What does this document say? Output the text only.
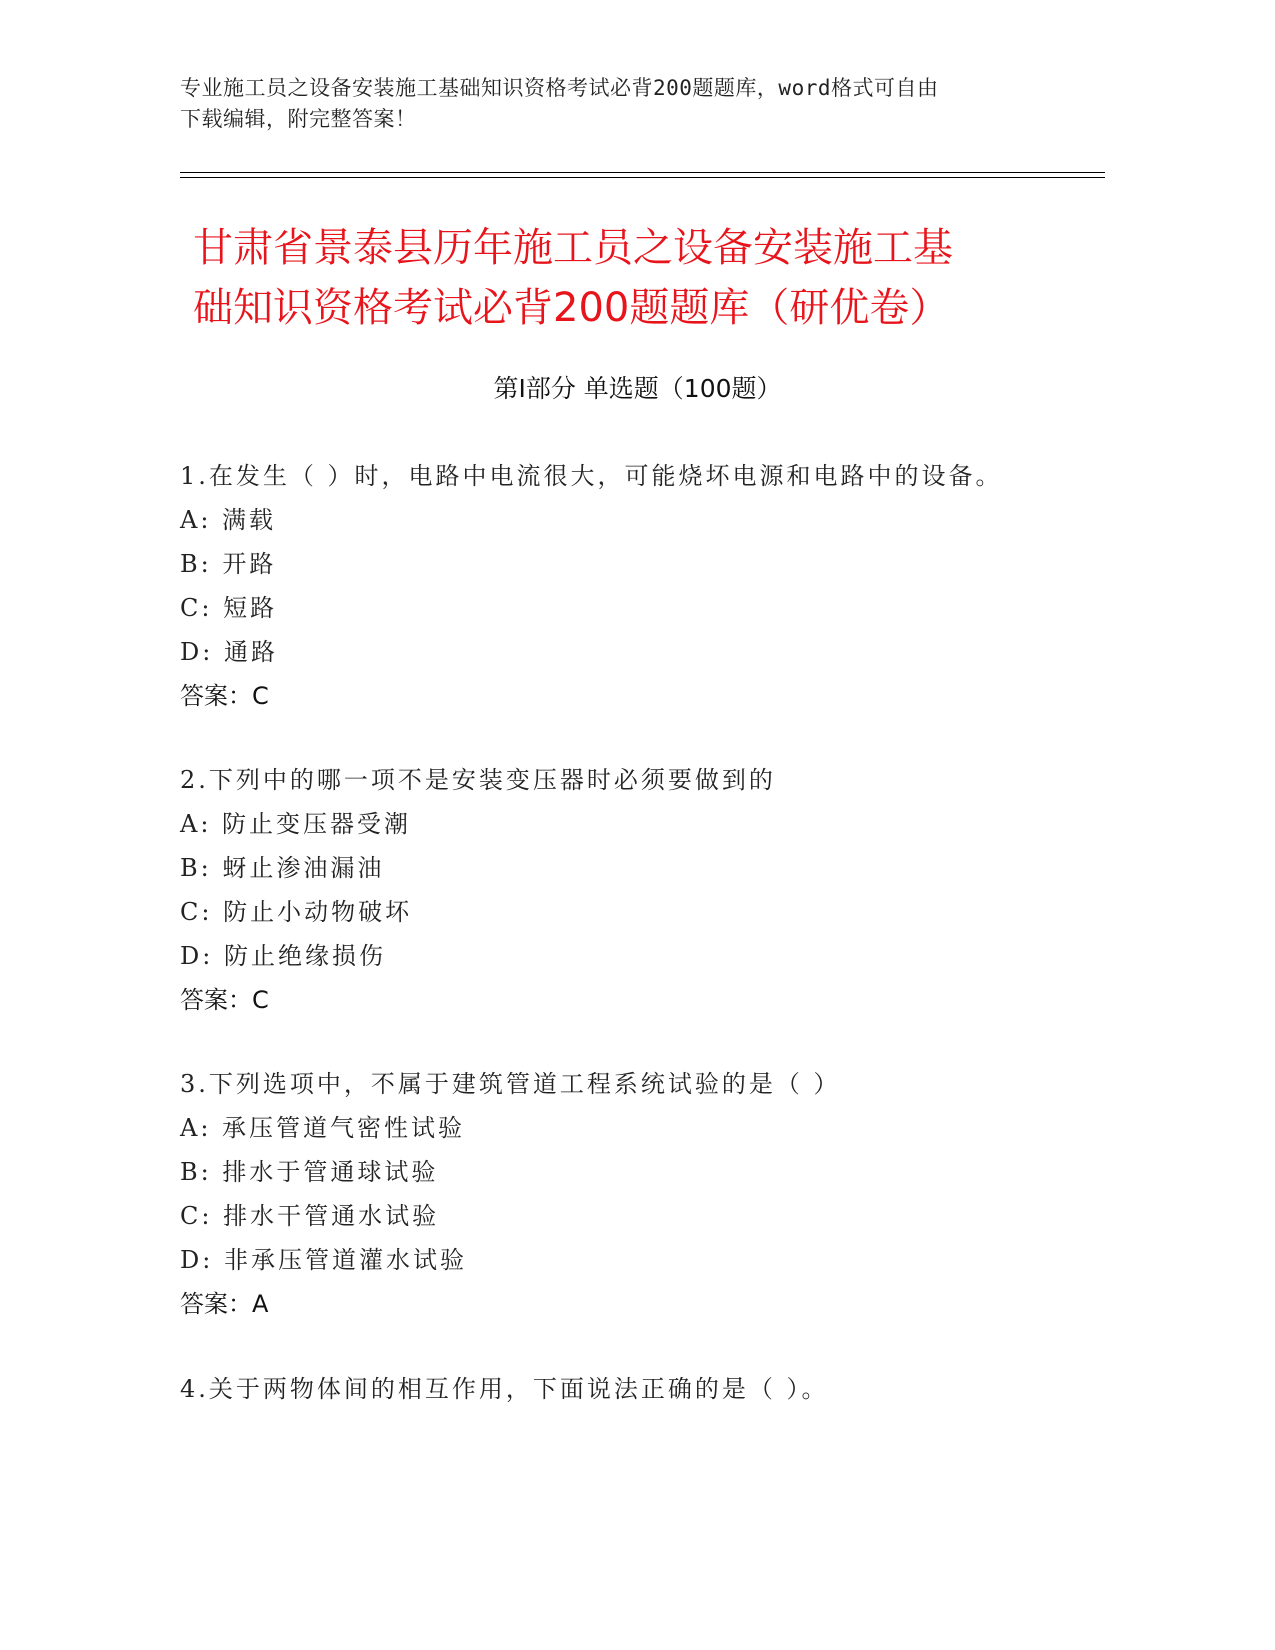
专业施工员之设备安装施工基础知识资格考试必背200题题库，word格式可自由
下载编辑，附完整答案！
甘肃省景泰县历年施工员之设备安装施工基
础知识资格考试必背200题题库（研优卷）
第Ⅰ部分 单选题（100题）
1.在发生（ ）时，电路中电流很大，可能烧坏电源和电路中的设备。
A: 满载
B: 开路
C: 短路
D: 通路
答案：C
2.下列中的哪一项不是安装变压器时必须要做到的
A: 防止变压器受潮
B: 蚜止渗油漏油
C: 防止小动物破坏
D: 防止绝缘损伤
答案：C
3.下列选项中，不属于建筑管道工程系统试验的是（ ）
A: 承压管道气密性试验
B: 排水于管通球试验
C: 排水干管通水试验
D: 非承压管道灌水试验
答案：A
4.关于两物体间的相互作用，下面说法正确的是（ ）。
